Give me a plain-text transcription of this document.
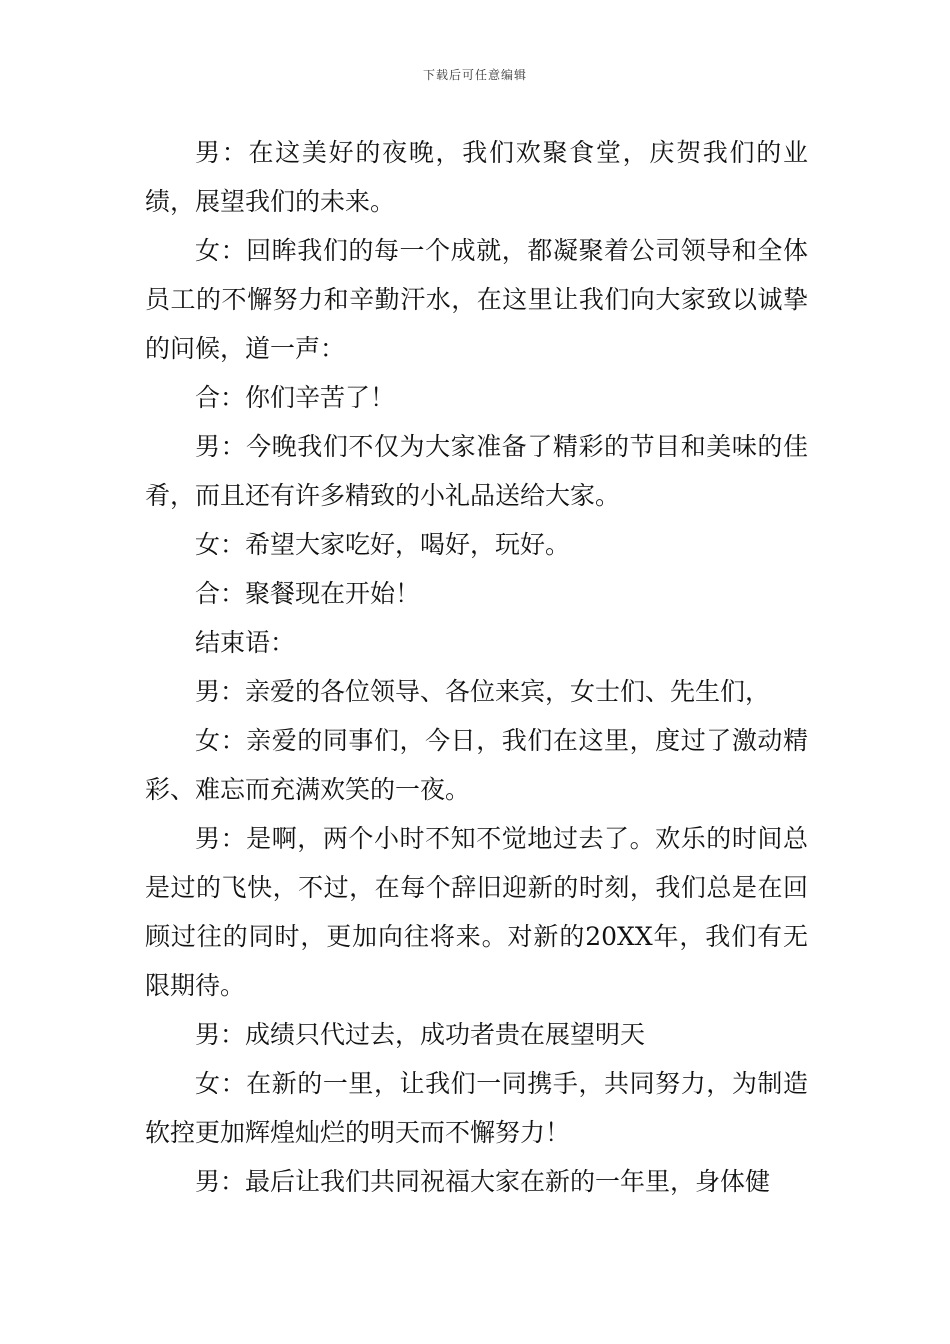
下载后可任意编辑

男：在这美好的夜晚，我们欢聚食堂，庆贺我们的业绩，展望我们的未来。

女：回眸我们的每一个成就，都凝聚着公司领导和全体员工的不懈努力和辛勤汗水，在这里让我们向大家致以诚挚的问候，道一声：

合：你们辛苦了！

男：今晚我们不仅为大家准备了精彩的节目和美味的佳肴，而且还有许多精致的小礼品送给大家。

女：希望大家吃好，喝好，玩好。

合：聚餐现在开始！

结束语：

男：亲爱的各位领导、各位来宾，女士们、先生们，

女：亲爱的同事们，今日，我们在这里，度过了激动精彩、难忘而充满欢笑的一夜。

男：是啊，两个小时不知不觉地过去了。欢乐的时间总是过的飞快，不过，在每个辞旧迎新的时刻，我们总是在回顾过往的同时，更加向往将来。对新的20XX年，我们有无限期待。

男：成绩只代过去，成功者贵在展望明天

女：在新的一里，让我们一同携手，共同努力，为制造软控更加辉煌灿烂的明天而不懈努力！

男：最后让我们共同祝福大家在新的一年里，身体健
